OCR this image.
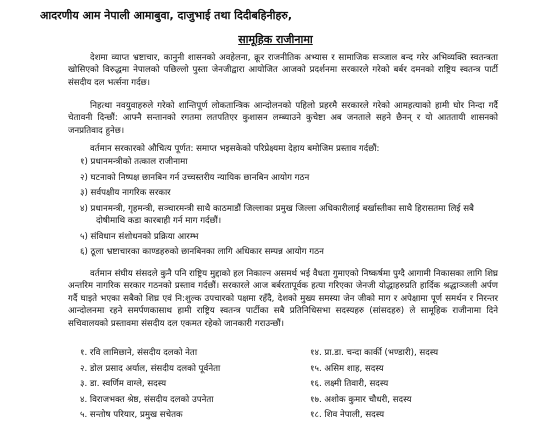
आदरणीय आम नेपाली आमाबुवा, दाजुभाई तथा दिदीबहिनीहरु,
सामूहिक राजीनामा
देशमा व्याप्त भ्रष्टाचार, कानुनी शासनको अवहेलना, क्रूर राजनीतिक अभ्यास र सामाजिक सञ्जाल बन्द गरेर अभिव्यक्ति स्वतन्त्रता खोसिएको विरुद्धमा नेपालको पछिल्लो पुस्ता जेनजीद्वारा आयोजित आजको प्रदर्शनमा सरकारले गरेको बर्बर दमनको राष्ट्रिय स्वतन्त्र पार्टी संसदीय दल भर्त्सना गर्दछ।
निहत्था नवयुवाहरुले गरेको शान्तिपूर्ण लोकतान्त्रिक आन्दोलनको पहिलो प्रहरमै सरकारले गरेको आमहत्याको हामी घोर निन्दा गर्दै चेतावनी दिन्छौं: आफ्नै सन्तानको रगतमा लतपतिएर कुशासन लम्ब्याउने कुचेष्टा अब जनताले सहने छैनन् र यो आततायी शासनको जनप्रतिवाद हुनेछ।
वर्तमान सरकारको औचित्य पूर्णत: समाप्त भइसकेको परिप्रेक्ष्यमा देहाय बमोजिम प्रस्ताव गर्दछौं:
१) प्रधानमन्त्रीको तत्काल राजीनामा
२) घटनाको निष्पक्ष छानबिन गर्न उच्चस्तरीय न्यायिक छानबिन आयोग गठन
३) सर्वपक्षीय नागरिक सरकार
४) प्रधानमन्त्री, गृहमन्त्री, सञ्चारमन्त्री साथै काठमाडौं जिल्लाका प्रमुख जिल्ला अधिकारीलाई बर्खास्तीका साथै हिरासतमा लिई सबै दोषीमाथि कडा कारबाही गर्न माग गर्दछौं।
५) संविधान संशोधनको प्रक्रिया आरम्भ
६) ठूला भ्रष्टाचारका काण्डहरुको छानबिनका लागि अधिकार सम्पन्न आयोग गठन
वर्तमान संघीय संसदले कुनै पनि राष्ट्रिय मुद्दाको हल निकाल्न असमर्थ भई वैधता गुमाएको निष्कर्षमा पुग्दै आगामी निकासका लागि शिघ्र अन्तरिम नागरिक सरकार गठनको प्रस्ताव गर्दछौं। सरकारले आज बर्बरतापूर्वक हत्या गरिएका जेनजी योद्धाहरुप्रति हार्दिक श्रद्धाञ्जली अर्पण गर्दै घाइते भएका सबैको शिघ्र एवं नि:शुल्क उपचारको पक्षमा रहँदै, देशको मुख्य समस्या जेन जीको माग र अपेक्षामा पूर्ण समर्थन र निरन्तर आन्दोलनमा रहने समर्पणकासाथ हामी राष्ट्रिय स्वतन्त्र पार्टीका सबै प्रतिनिधिसभा सदस्यहरु (सांसदहरु) ले सामूहिक राजीनामा दिने सचिवालयको प्रस्तावमा संसदीय दल एकमत रहेको जानकारी गराउन्छौं।
१. रवि लामिछाने, संसदीय दलको नेता	१४. प्रा.डा. चन्दा कार्की (भण्डारी), सदस्य
२. डोल प्रसाद अर्याल, संसदीय दलको पूर्वनेता	१५. असिम शाह, सदस्य
३. डा. स्वर्णिम वाग्ले, सदस्य	१६. लक्ष्मी तिवारी, सदस्य
४. विराजभक्त श्रेष्ठ, संसदीय दलको उपनेता	१७. अशोक कुमार चौधरी, सदस्य
५. सन्तोष परियार, प्रमुख सचेतक	१८. शिव नेपाली, सदस्य
